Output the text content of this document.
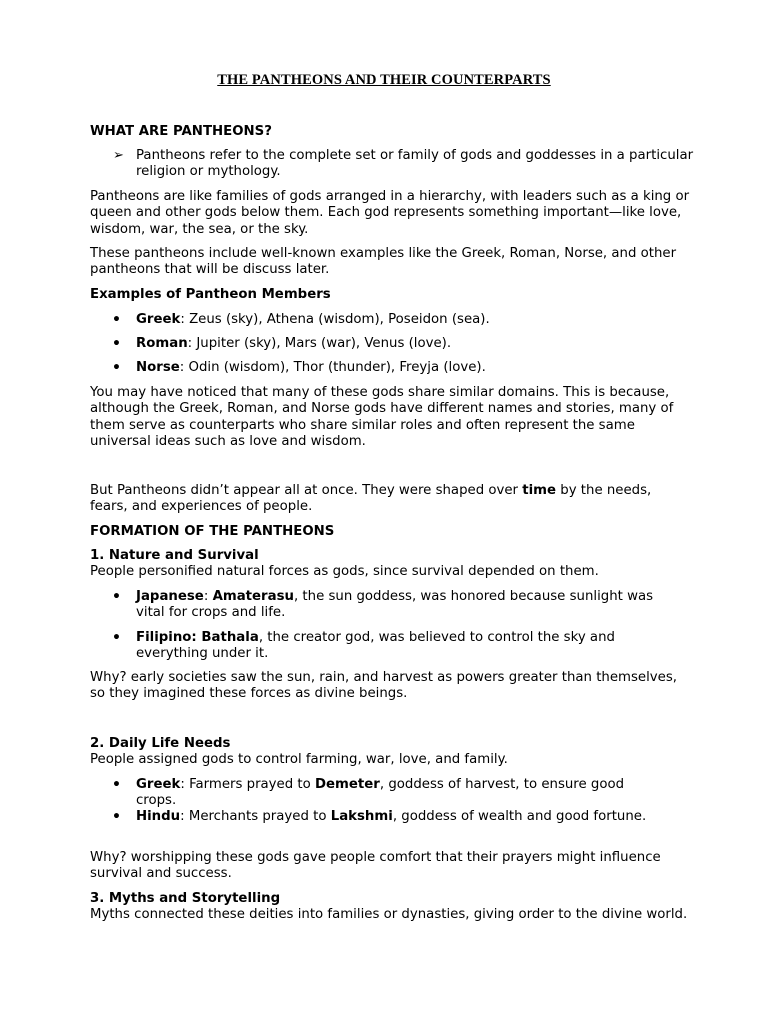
THE PANTHEONS AND THEIR COUNTERPARTS
WHAT ARE PANTHEONS?
➢ Pantheons refer to the complete set or family of gods and goddesses in a particular religion or mythology.
Pantheons are like families of gods arranged in a hierarchy, with leaders such as a king or queen and other gods below them. Each god represents something important—like love, wisdom, war, the sea, or the sky.
These pantheons include well-known examples like the Greek, Roman, Norse, and other pantheons that will be discuss later.
Examples of Pantheon Members
• Greek: Zeus (sky), Athena (wisdom), Poseidon (sea).
• Roman: Jupiter (sky), Mars (war), Venus (love).
• Norse: Odin (wisdom), Thor (thunder), Freyja (love).
You may have noticed that many of these gods share similar domains. This is because, although the Greek, Roman, and Norse gods have different names and stories, many of them serve as counterparts who share similar roles and often represent the same universal ideas such as love and wisdom.
But Pantheons didn’t appear all at once. They were shaped over time by the needs, fears, and experiences of people.
FORMATION OF THE PANTHEONS
1. Nature and Survival
People personified natural forces as gods, since survival depended on them.
• Japanese: Amaterasu, the sun goddess, was honored because sunlight was vital for crops and life.
• Filipino: Bathala, the creator god, was believed to control the sky and everything under it.
Why? early societies saw the sun, rain, and harvest as powers greater than themselves, so they imagined these forces as divine beings.
2. Daily Life Needs
People assigned gods to control farming, war, love, and family.
• Greek: Farmers prayed to Demeter, goddess of harvest, to ensure good crops.
• Hindu: Merchants prayed to Lakshmi, goddess of wealth and good fortune.
Why? worshipping these gods gave people comfort that their prayers might influence survival and success.
3. Myths and Storytelling
Myths connected these deities into families or dynasties, giving order to the divine world.
